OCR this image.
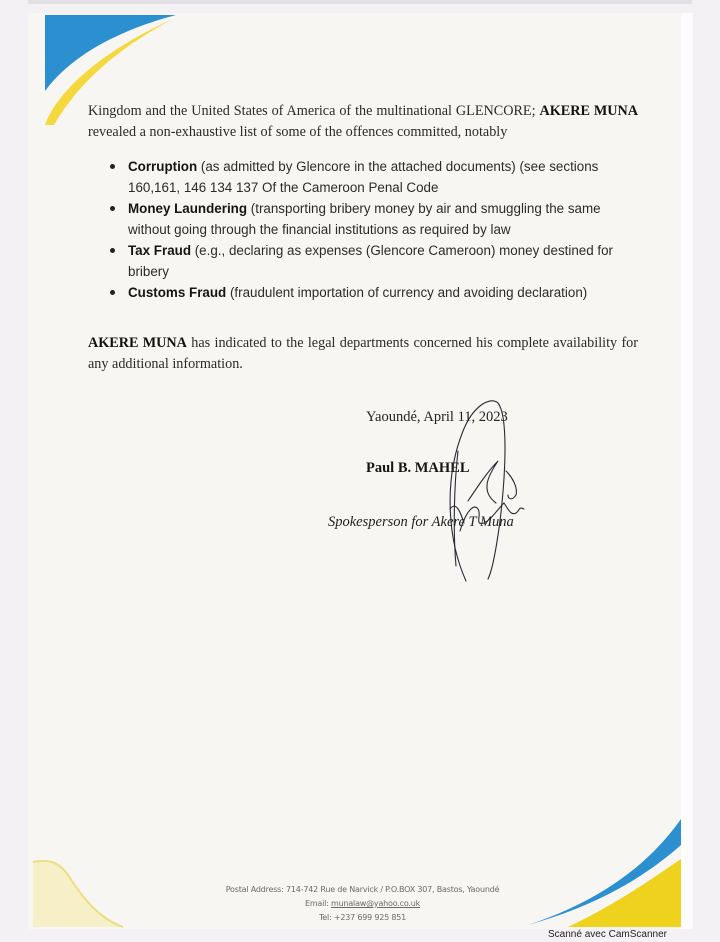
Kingdom and the United States of America of the multinational GLENCORE; AKERE MUNA revealed a non-exhaustive list of some of the offences committed, notably
Corruption (as admitted by Glencore in the attached documents) (see sections 160,161, 146 134 137 Of the Cameroon Penal Code
Money Laundering (transporting bribery money by air and smuggling the same without going through the financial institutions as required by law
Tax Fraud (e.g., declaring as expenses (Glencore Cameroon) money destined for bribery
Customs Fraud (fraudulent importation of currency and avoiding declaration)
AKERE MUNA has indicated to the legal departments concerned his complete availability for any additional information.
Yaoundé, April 11, 2023
Paul B. MAHEL
Spokesperson for Akere T Muna
Postal Address: 714-742 Rue de Narvick / P.O.BOX 307, Bastos, Yaoundé
Email: munalaw@yahoo.co.uk
Tel: +237 699 925 851
Scanné avec CamScanner
